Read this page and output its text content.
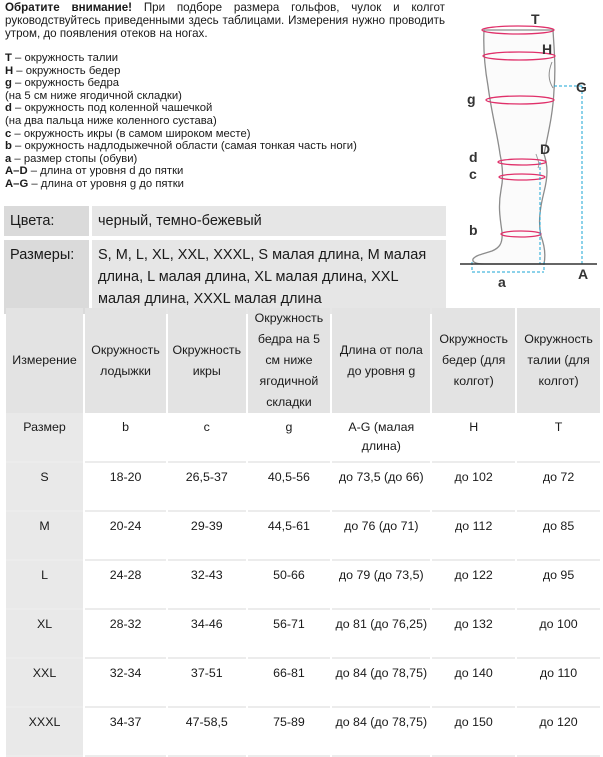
Обратите внимание! При подборе размера гольфов, чулок и колгот руководствуйтесь приведенными здесь таблицами. Измерения нужно проводить утром, до появления отеков на ногах.

T – окружность талии
H – окружность бедер
g – окружность бедра
(на 5 см ниже ягодичной складки)
d – окружность под коленной чашечкой
(на два пальца ниже коленного сустава)
c – окружность икры (в самом широком месте)
b – окружность надлодыжечной области (самая тонкая часть ноги)
a – размер стопы (обуви)
A–D – длина от уровня d до пятки
A–G – длина от уровня g до пятки
T
H
G
g
D
d
c
b
a	A
Цвета:	черный, темно-бежевый
Размеры:	S, M, L, XL, XXL, XXXL, S малая длина, M малая длина, L малая длина, XL малая длина, XXL малая длина, XXXL малая длина
Измерение	Окружность лодыжки	Окружность икры	Окружность бедра на 5 см ниже ягодичной складки	Длина от пола до уровня g	Окружность бедер (для колгот)	Окружность талии (для колгот)
Размер	b	c	g	A-G (малая длина)	H	T
S	18-20	26,5-37	40,5-56	до 73,5 (до 66)	до 102	до 72
M	20-24	29-39	44,5-61	до 76 (до 71)	до 112	до 85
L	24-28	32-43	50-66	до 79 (до 73,5)	до 122	до 95
XL	28-32	34-46	56-71	до 81 (до 76,25)	до 132	до 100
XXL	32-34	37-51	66-81	до 84 (до 78,75)	до 140	до 110
XXXL	34-37	47-58,5	75-89	до 84 (до 78,75)	до 150	до 120
